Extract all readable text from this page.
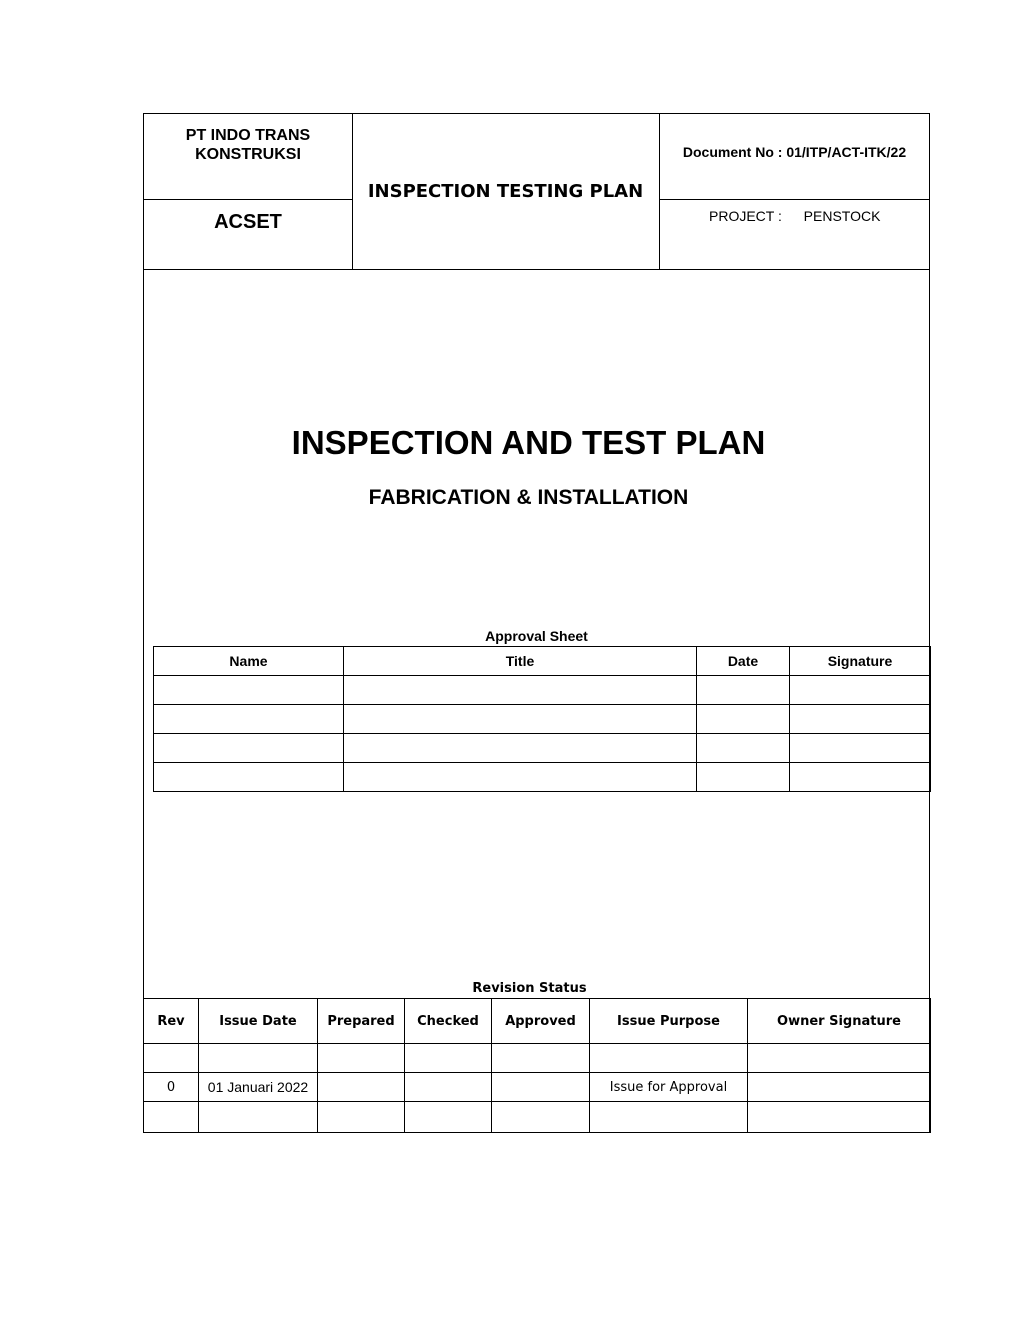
PT INDO TRANS
KONSTRUKSI
ACSET
INSPECTION TESTING PLAN
Document No : 01/ITP/ACT-ITK/22
PROJECT : PENSTOCK
INSPECTION AND TEST PLAN
FABRICATION & INSTALLATION
Approval Sheet
Name	Title	Date	Signature

Revision Status
Rev	Issue Date	Prepared	Checked	Approved	Issue Purpose	Owner Signature

0	01 Januari 2022				Issue for Approval	
